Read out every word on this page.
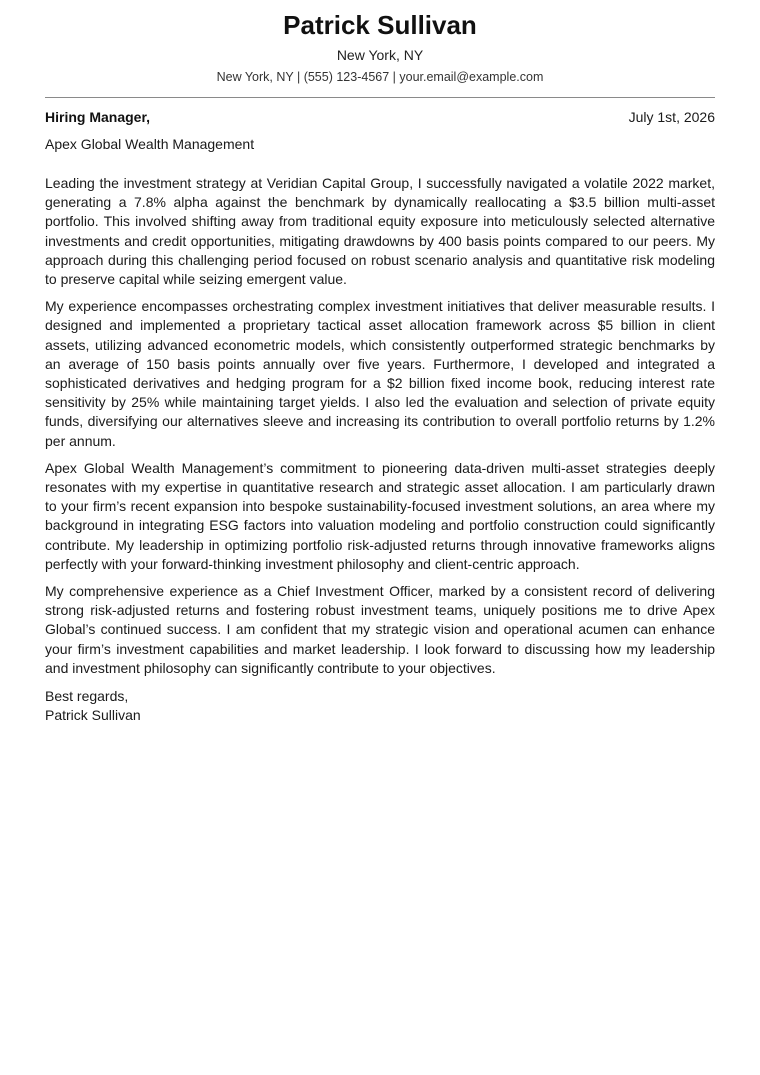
Patrick Sullivan
New York, NY
New York, NY | (555) 123-4567 | your.email@example.com
Hiring Manager,	July 1st, 2026
Apex Global Wealth Management

Leading the investment strategy at Veridian Capital Group, I successfully navigated a volatile 2022 market, generating a 7.8% alpha against the benchmark by dynamically reallocating a $3.5 billion multi-asset portfolio. This involved shifting away from traditional equity exposure into meticulously selected alternative investments and credit opportunities, mitigating drawdowns by 400 basis points compared to our peers. My approach during this challenging period focused on robust scenario analysis and quantitative risk modeling to preserve capital while seizing emergent value.

My experience encompasses orchestrating complex investment initiatives that deliver measurable results. I designed and implemented a proprietary tactical asset allocation framework across $5 billion in client assets, utilizing advanced econometric models, which consistently outperformed strategic benchmarks by an average of 150 basis points annually over five years. Furthermore, I developed and integrated a sophisticated derivatives and hedging program for a $2 billion fixed income book, reducing interest rate sensitivity by 25% while maintaining target yields. I also led the evaluation and selection of private equity funds, diversifying our alternatives sleeve and increasing its contribution to overall portfolio returns by 1.2% per annum.

Apex Global Wealth Management’s commitment to pioneering data-driven multi-asset strategies deeply resonates with my expertise in quantitative research and strategic asset allocation. I am particularly drawn to your firm’s recent expansion into bespoke sustainability-focused investment solutions, an area where my background in integrating ESG factors into valuation modeling and portfolio construction could significantly contribute. My leadership in optimizing portfolio risk-adjusted returns through innovative frameworks aligns perfectly with your forward-thinking investment philosophy and client-centric approach.

My comprehensive experience as a Chief Investment Officer, marked by a consistent record of delivering strong risk-adjusted returns and fostering robust investment teams, uniquely positions me to drive Apex Global’s continued success. I am confident that my strategic vision and operational acumen can enhance your firm’s investment capabilities and market leadership. I look forward to discussing how my leadership and investment philosophy can significantly contribute to your objectives.

Best regards,
Patrick Sullivan
